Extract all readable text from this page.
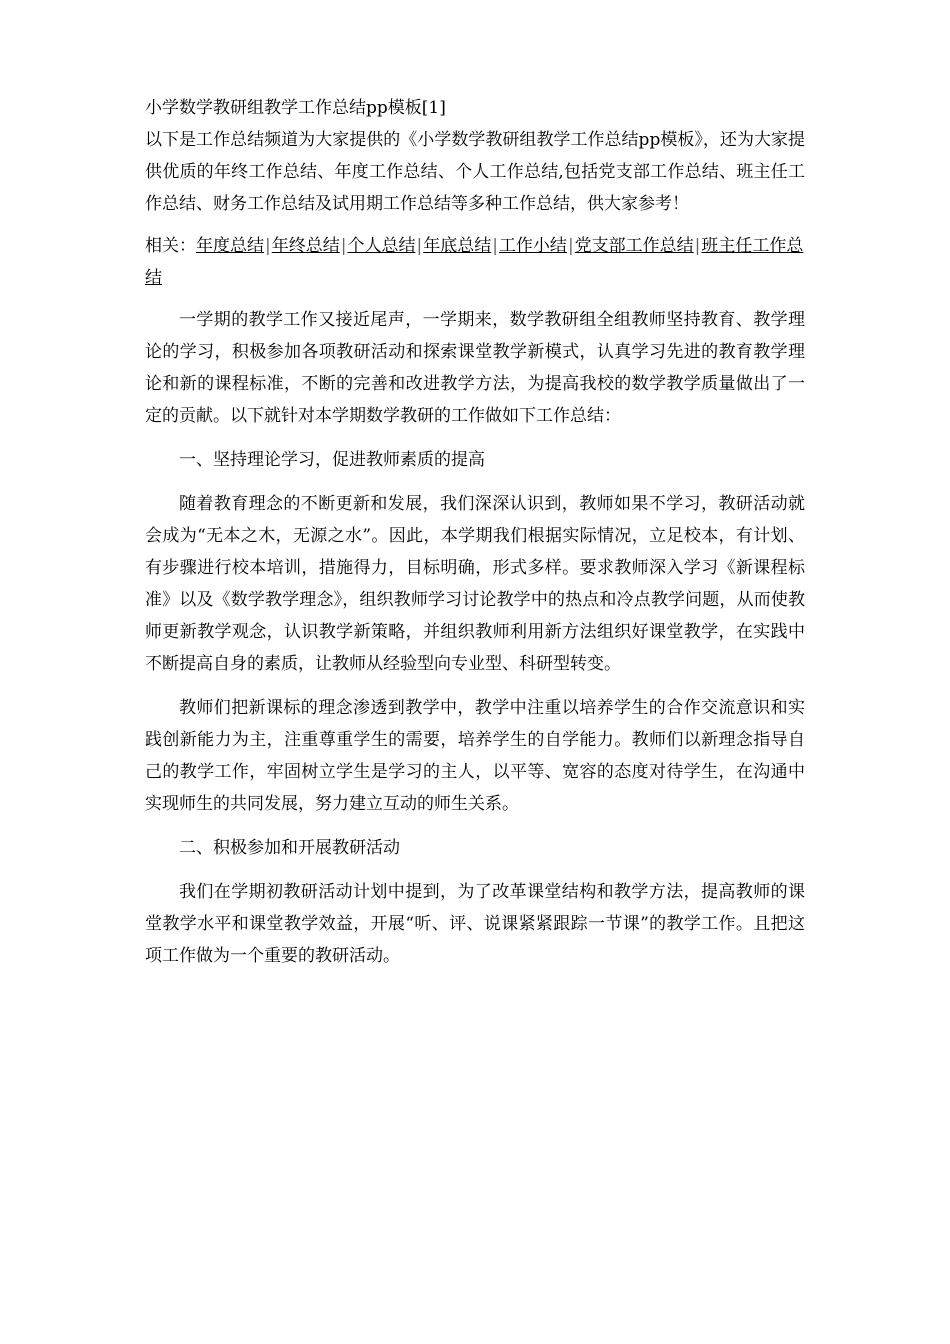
小学数学教研组教学工作总结pp模板[1]

以下是工作总结频道为大家提供的《小学数学教研组教学工作总结pp模板》，还为大家提供优质的年终工作总结、年度工作总结、个人工作总结,包括党支部工作总结、班主任工作总结、财务工作总结及试用期工作总结等多种工作总结，供大家参考！

相关：年度总结|年终总结|个人总结|年底总结|工作小结|党支部工作总结|班主任工作总结

一学期的教学工作又接近尾声，一学期来，数学教研组全组教师坚持教育、教学理论的学习，积极参加各项教研活动和探索课堂教学新模式，认真学习先进的教育教学理论和新的课程标准，不断的完善和改进教学方法，为提高我校的数学教学质量做出了一定的贡献。以下就针对本学期数学教研的工作做如下工作总结：

一、坚持理论学习，促进教师素质的提高

随着教育理念的不断更新和发展，我们深深认识到，教师如果不学习，教研活动就会成为“无本之木，无源之水”。因此，本学期我们根据实际情况，立足校本，有计划、有步骤进行校本培训，措施得力，目标明确，形式多样。要求教师深入学习《新课程标准》以及《数学教学理念》，组织教师学习讨论教学中的热点和冷点教学问题，从而使教师更新教学观念，认识教学新策略，并组织教师利用新方法组织好课堂教学，在实践中不断提高自身的素质，让教师从经验型向专业型、科研型转变。

教师们把新课标的理念渗透到教学中，教学中注重以培养学生的合作交流意识和实践创新能力为主，注重尊重学生的需要，培养学生的自学能力。教师们以新理念指导自己的教学工作，牢固树立学生是学习的主人，以平等、宽容的态度对待学生，在沟通中实现师生的共同发展，努力建立互动的师生关系。

二、积极参加和开展教研活动

我们在学期初教研活动计划中提到，为了改革课堂结构和教学方法，提高教师的课堂教学水平和课堂教学效益，开展“听、评、说课紧紧跟踪一节课”的教学工作。且把这项工作做为一个重要的教研活动。
